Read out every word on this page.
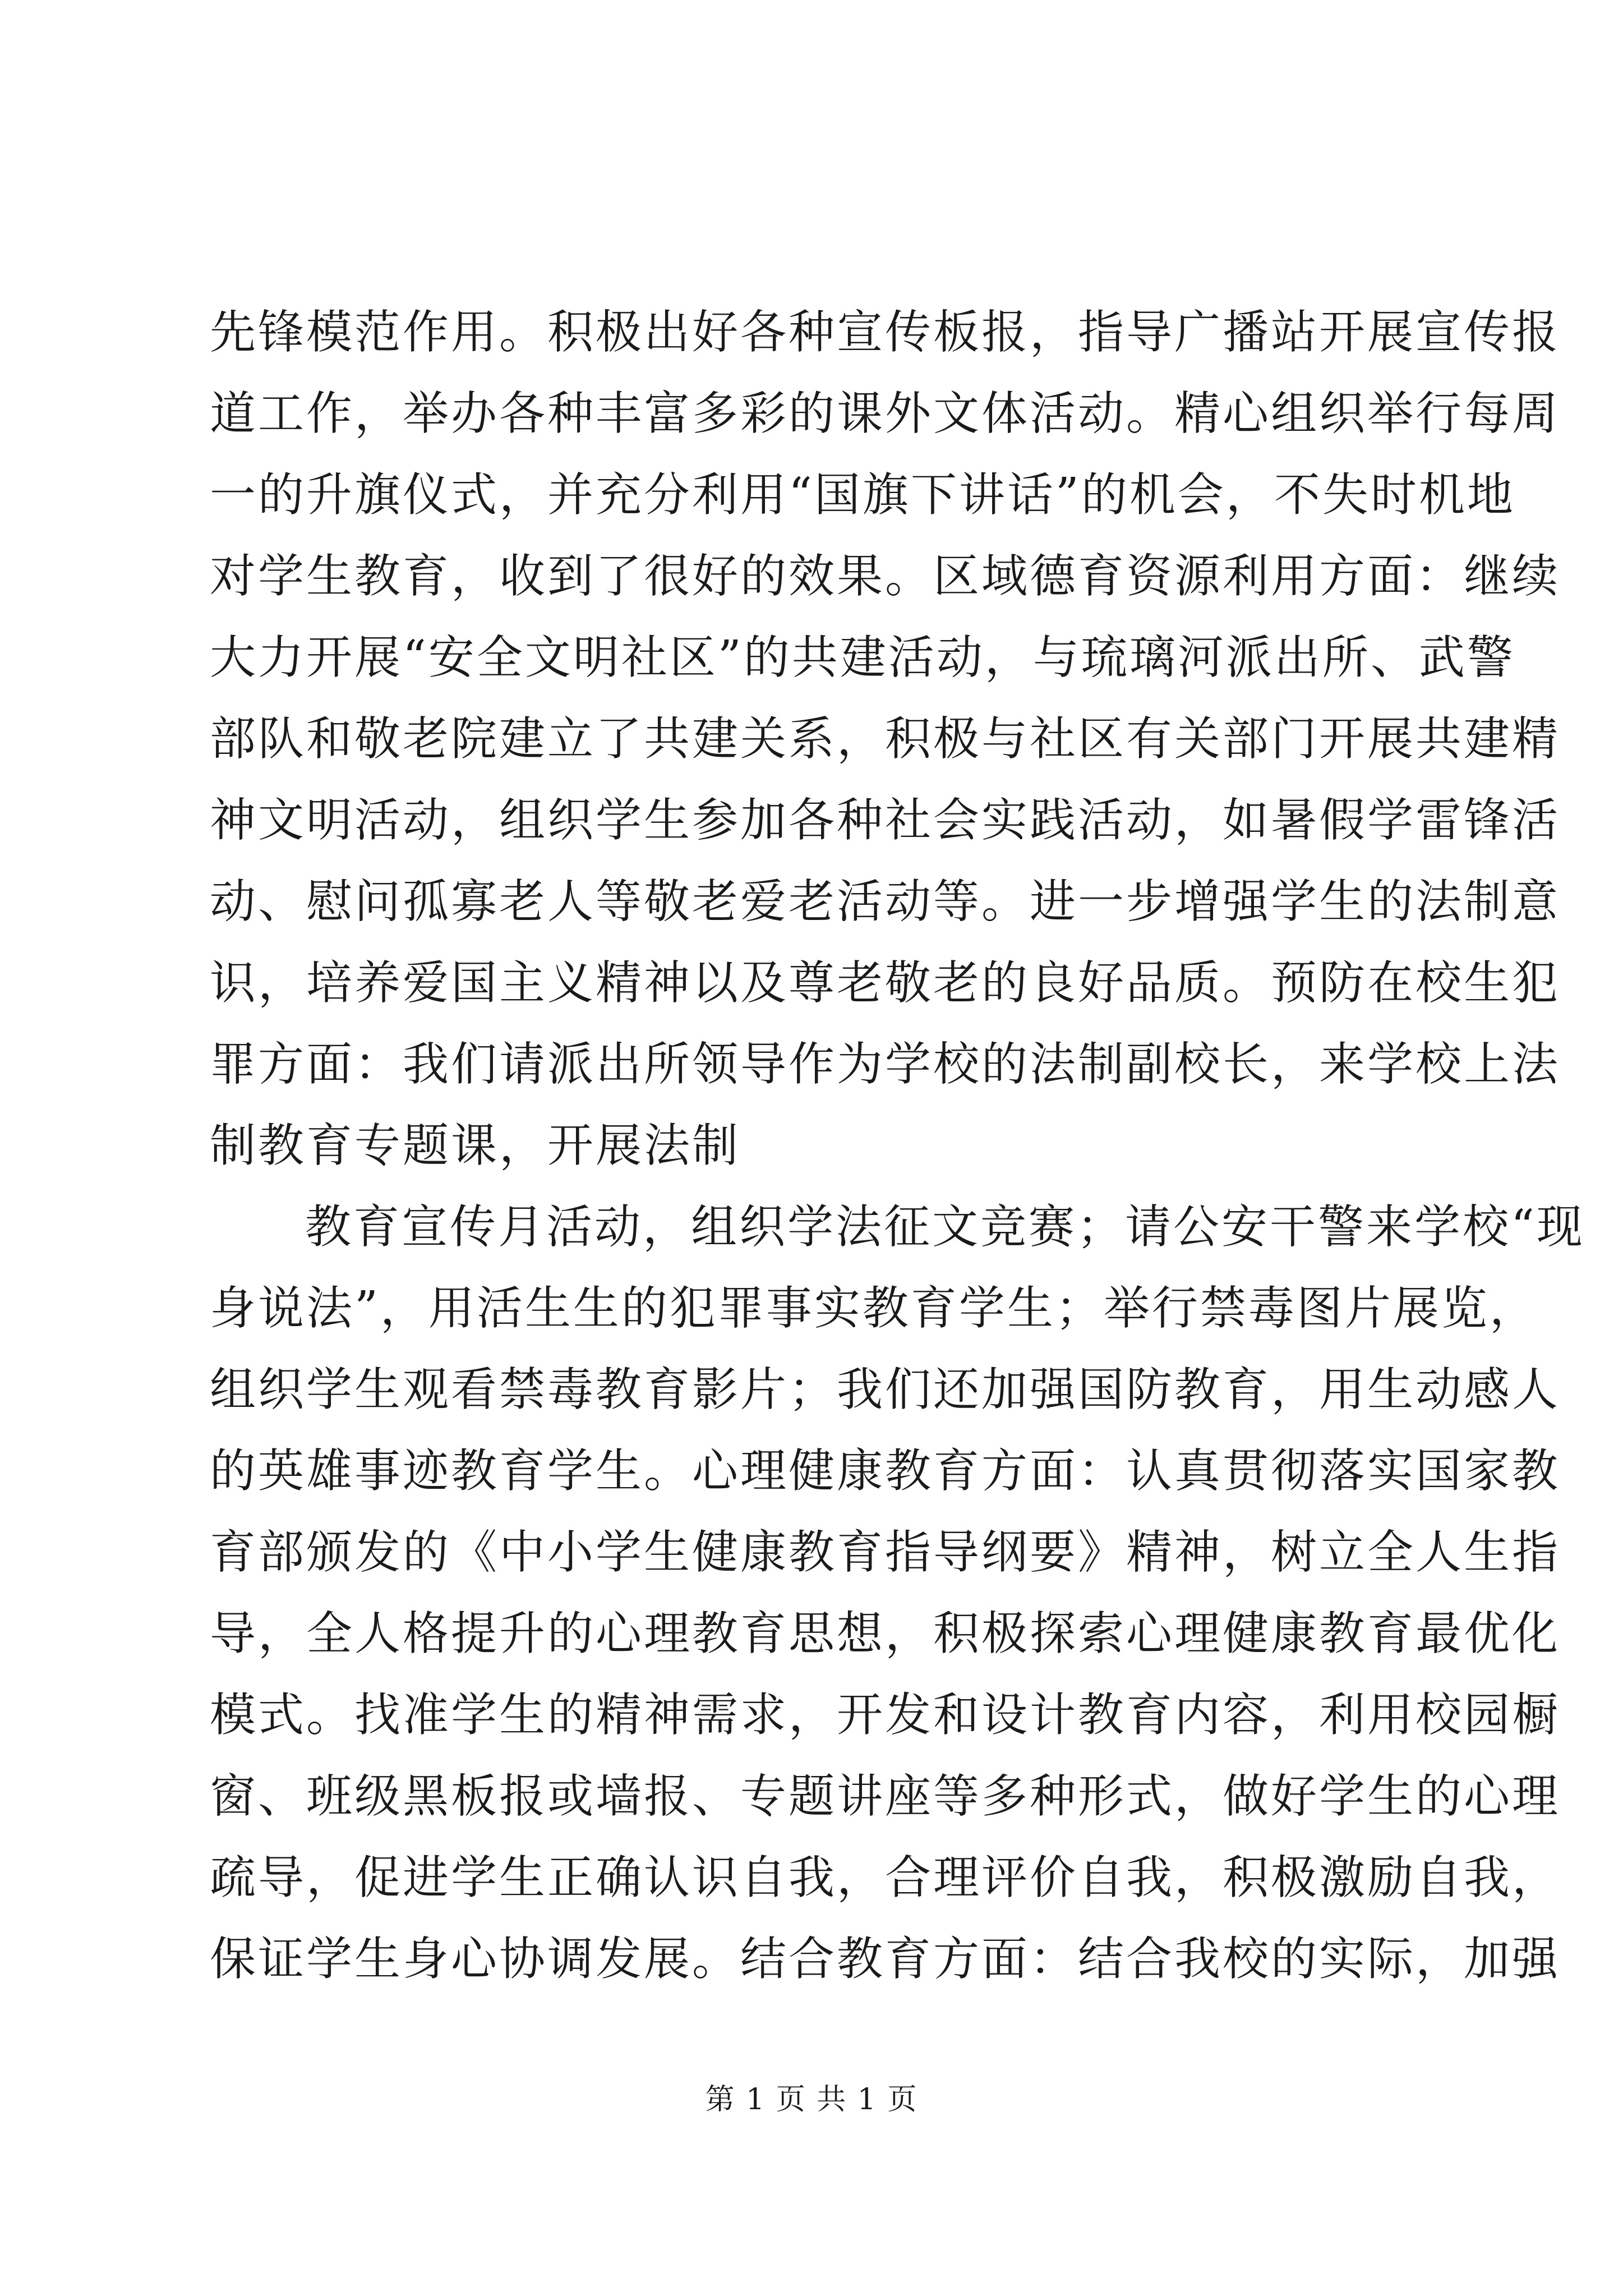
先锋模范作用。积极出好各种宣传板报，指导广播站开展宣传报
道工作，举办各种丰富多彩的课外文体活动。精心组织举行每周
一的升旗仪式，并充分利用“国旗下讲话”的机会，不失时机地
对学生教育，收到了很好的效果。区域德育资源利用方面：继续
大力开展“安全文明社区”的共建活动，与琉璃河派出所、武警
部队和敬老院建立了共建关系，积极与社区有关部门开展共建精
神文明活动，组织学生参加各种社会实践活动，如暑假学雷锋活
动、慰问孤寡老人等敬老爱老活动等。进一步增强学生的法制意
识，培养爱国主义精神以及尊老敬老的良好品质。预防在校生犯
罪方面：我们请派出所领导作为学校的法制副校长，来学校上法
制教育专题课，开展法制
教育宣传月活动，组织学法征文竞赛；请公安干警来学校“现
身说法”，用活生生的犯罪事实教育学生；举行禁毒图片展览，
组织学生观看禁毒教育影片；我们还加强国防教育，用生动感人
的英雄事迹教育学生。心理健康教育方面：认真贯彻落实国家教
育部颁发的《中小学生健康教育指导纲要》精神，树立全人生指
导，全人格提升的心理教育思想，积极探索心理健康教育最优化
模式。找准学生的精神需求，开发和设计教育内容，利用校园橱
窗、班级黑板报或墙报、专题讲座等多种形式，做好学生的心理
疏导，促进学生正确认识自我，合理评价自我，积极激励自我，
保证学生身心协调发展。结合教育方面：结合我校的实际，加强
第 1 页 共 1 页
